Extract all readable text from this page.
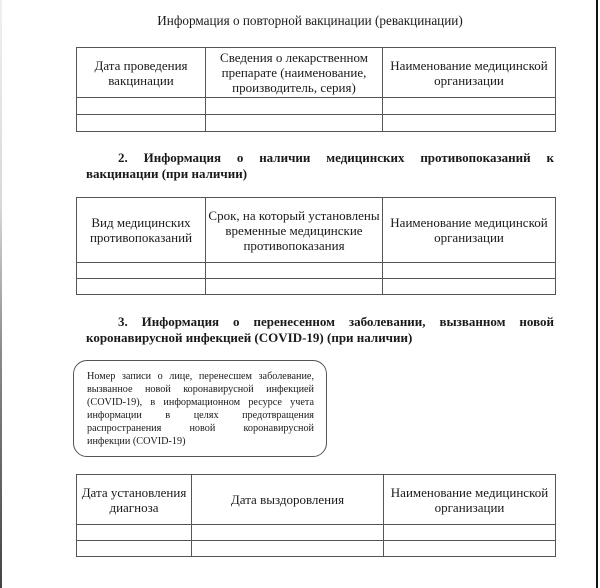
Информация о повторной вакцинации (ревакцинации)
Дата проведения вакцинации	Сведения о лекарственном препарате (наименование, производитель, серия)	Наименование медицинской организации

2. Информация о наличии медицинских противопоказаний к
вакцинации (при наличии)
Вид медицинских противопоказаний	Срок, на который установлены временные медицинские противопоказания	Наименование медицинской организации

3. Информация о перенесенном заболевании, вызванном новой
коронавирусной инфекцией (COVID-19) (при наличии)
Номер записи о лице, перенесшем заболевание,
вызванное новой коронавирусной инфекцией
(COVID-19), в информационном ресурсе учета
информации в целях предотвращения
распространения новой коронавирусной
инфекции (COVID-19)
Дата установления диагноза	Дата выздоровления	Наименование медицинской организации
